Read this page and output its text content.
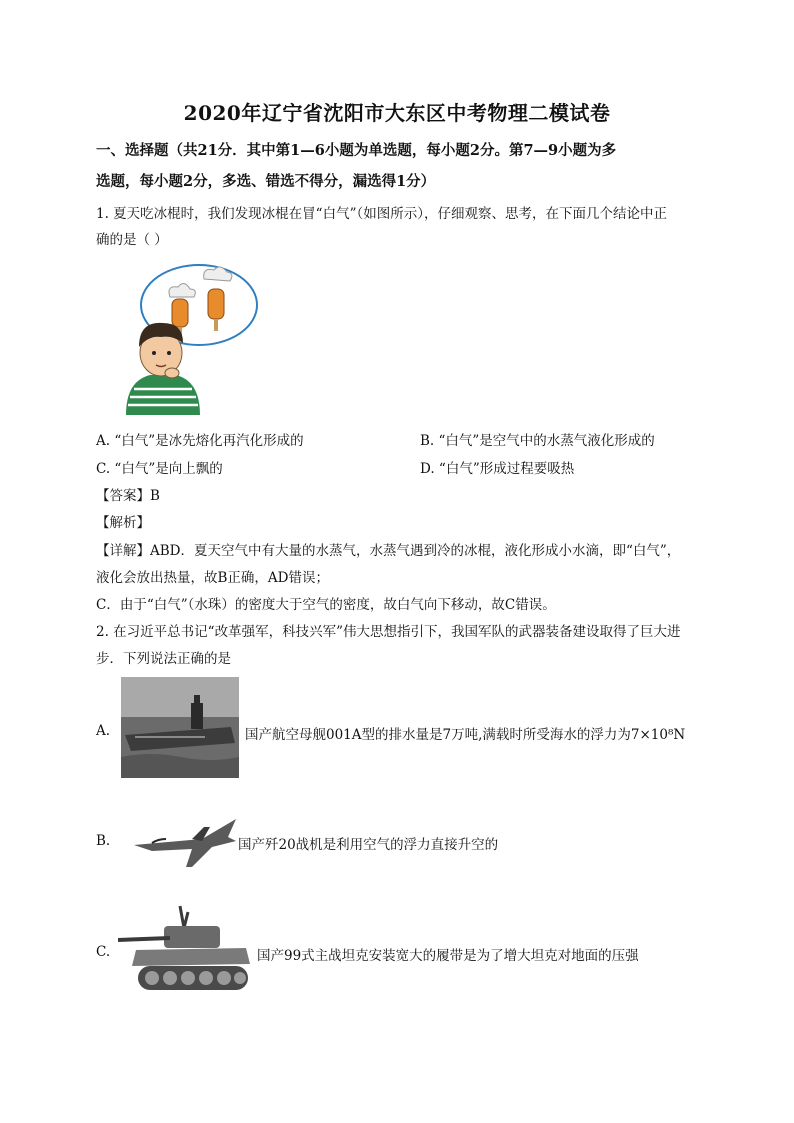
2020年辽宁省沈阳市大东区中考物理二模试卷
一、选择题（共21分．其中第1—6小题为单选题，每小题2分。第7—9小题为多
选题，每小题2分，多选、错选不得分，漏选得1分）
1. 夏天吃冰棍时，我们发现冰棍在冒“白气”（如图所示），仔细观察、思考，在下面几个结论中正
确的是（ ）
A. “白气”是冰先熔化再汽化形成的	B. “白气”是空气中的水蒸气液化形成的
C. “白气”是向上飘的	D. “白气”形成过程要吸热
【答案】B
【解析】
【详解】ABD．夏天空气中有大量的水蒸气，水蒸气遇到冷的冰棍，液化形成小水滴，即“白气”，
液化会放出热量，故B正确，AD错误；
C．由于“白气”（水珠）的密度大于空气的密度，故白气向下移动，故C错误。
2. 在习近平总书记“改革强军，科技兴军”伟大思想指引下，我国军队的武器装备建设取得了巨大进
步．下列说法正确的是
A.	国产航空母舰001A型的排水量是7万吨,满载时所受海水的浮力为7×10⁸N
B.	国产歼20战机是利用空气的浮力直接升空的
C.	国产99式主战坦克安装宽大的履带是为了增大坦克对地面的压强
